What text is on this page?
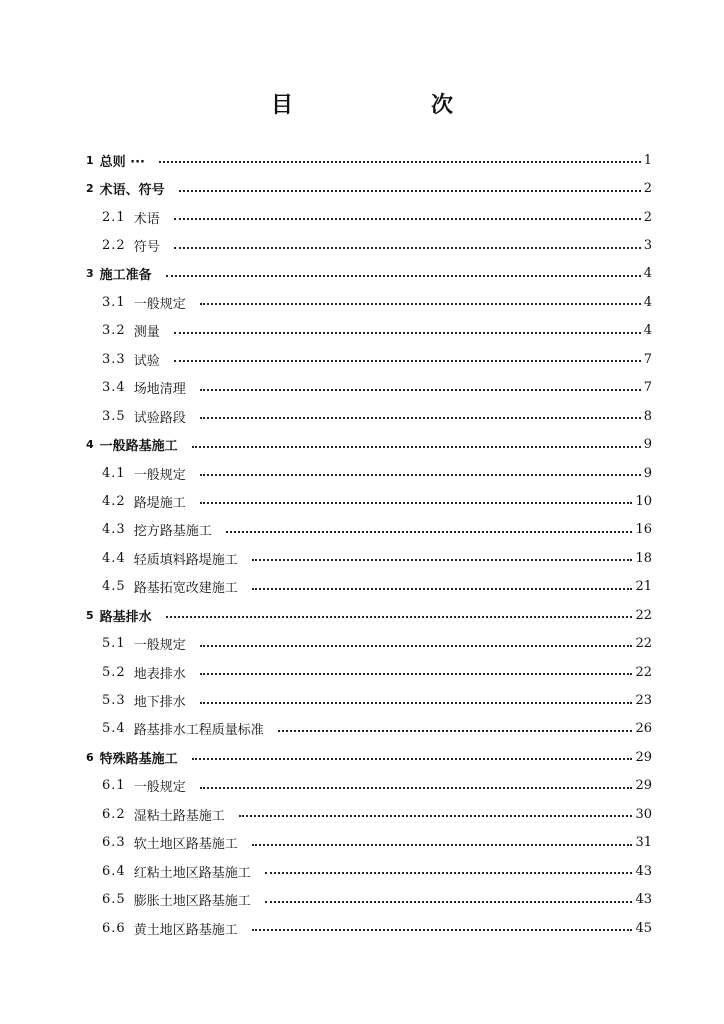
目　次
1 总则 ···	1
2 术语、符号	2
2.1 术语	2
2.2 符号	3
3 施工准备	4
3.1 一般规定	4
3.2 测量	4
3.3 试验	7
3.4 场地清理	7
3.5 试验路段	8
4 一般路基施工	9
4.1 一般规定	9
4.2 路堤施工	10
4.3 挖方路基施工	16
4.4 轻质填料路堤施工	18
4.5 路基拓宽改建施工	21
5 路基排水	22
5.1 一般规定	22
5.2 地表排水	22
5.3 地下排水	23
5.4 路基排水工程质量标准	26
6 特殊路基施工	29
6.1 一般规定	29
6.2 湿粘土路基施工	30
6.3 软土地区路基施工	31
6.4 红粘土地区路基施工	43
6.5 膨胀土地区路基施工	43
6.6 黄土地区路基施工	45
